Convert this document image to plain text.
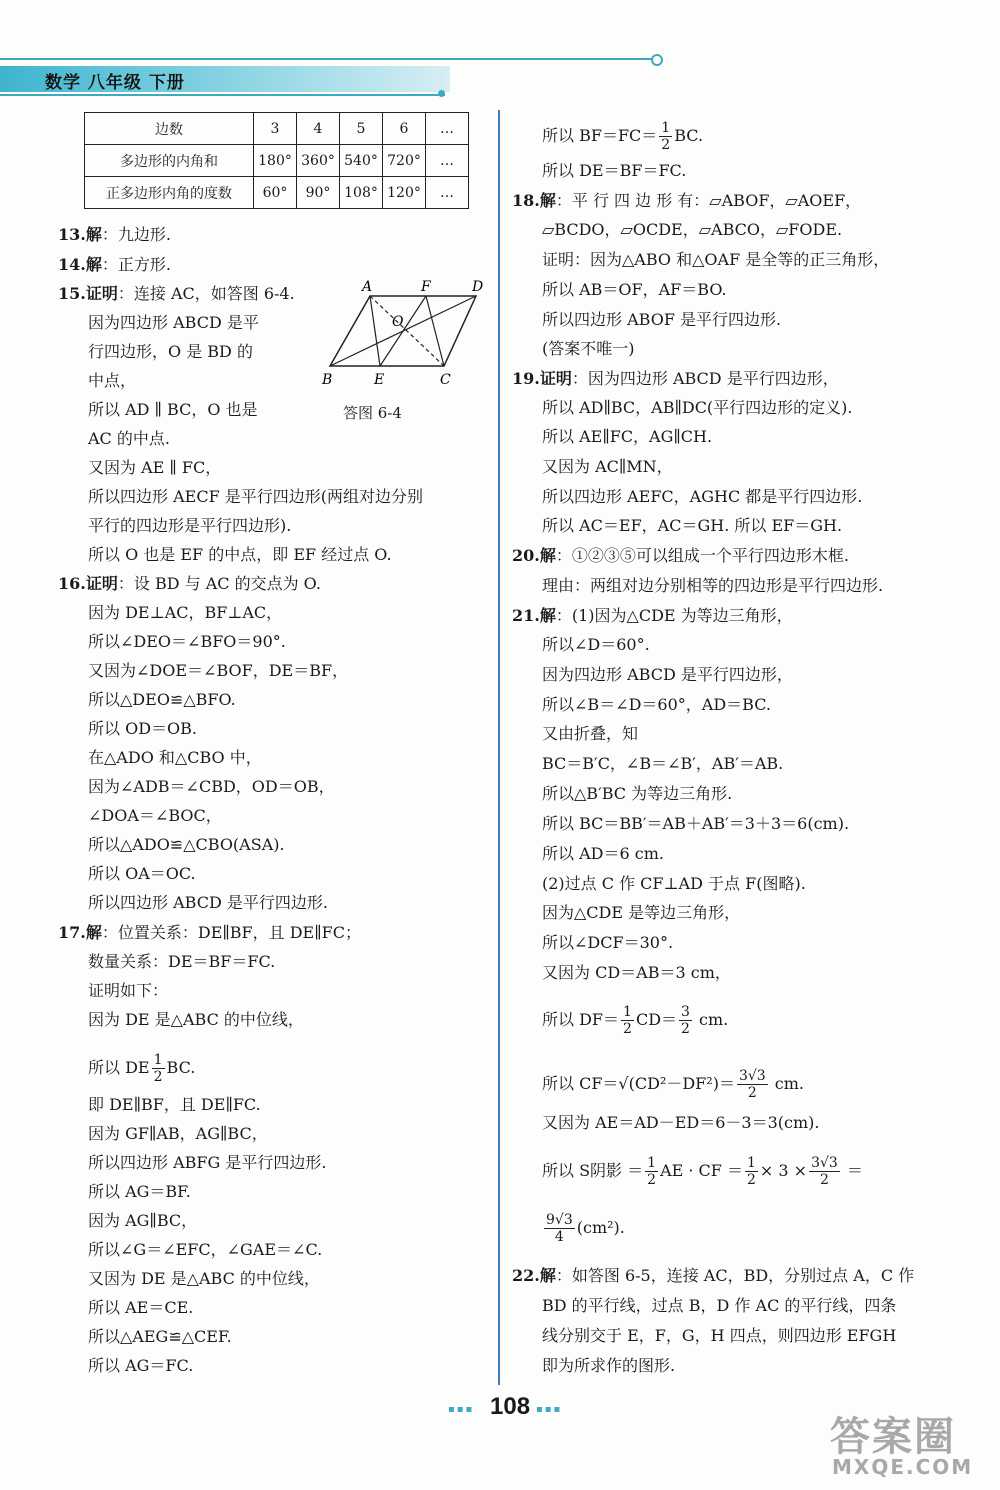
数学 八年级 下册
边数	3	4	5	6	…
多边形的内角和	180°	360°	540°	720°	…
正多边形内角的度数	60°	90°	108°	120°	…
A	F	D
O
B	E	C
答图 6-4
13.解：九边形.
14.解：正方形.
15.证明：连接 AC，如答图 6-4.
因为四边形 ABCD 是平
行四边形，O 是 BD 的
中点，
所以 AD ∥ BC，O 也是
AC 的中点.
又因为 AE ∥ FC，
所以四边形 AECF 是平行四边形(两组对边分别
平行的四边形是平行四边形).
所以 O 也是 EF 的中点，即 EF 经过点 O.
16.证明：设 BD 与 AC 的交点为 O.
因为 DE⊥AC，BF⊥AC，
所以∠DEO＝∠BFO＝90°.
又因为∠DOE＝∠BOF，DE＝BF，
所以△DEO≌△BFO.
所以 OD＝OB.
在△ADO 和△CBO 中，
因为∠ADB＝∠CBD，OD＝OB，
∠DOA＝∠BOC，
所以△ADO≌△CBO(ASA).
所以 OA＝OC.
所以四边形 ABCD 是平行四边形.
17.解：位置关系：DE∥BF，且 DE∥FC；
数量关系：DE＝BF＝FC.
证明如下：
因为 DE 是△ABC 的中位线，
所以 DE $\frac{1}{2}$ BC.
即 DE∥BF，且 DE∥FC.
因为 GF∥AB，AG∥BC，
所以四边形 ABFG 是平行四边形.
所以 AG＝BF.
因为 AG∥BC，
所以∠G＝∠EFC，∠GAE＝∠C.
又因为 DE 是△ABC 的中位线，
所以 AE＝CE.
所以△AEG≌△CEF.
所以 AG＝FC.
所以 $BF=FC= \frac{1}{2}$ BC.
所以 DE＝BF＝FC.
18.解：平 行 四 边 形 有：▱ABOF，▱AOEF，
▱BCDO，▱OCDE，▱ABCO，▱FODE.
证明：因为△ABO 和△OAF 是全等的正三角形，
所以 AB＝OF，AF＝BO.
所以四边形 ABOF 是平行四边形.
(答案不唯一)
19.证明：因为四边形 ABCD 是平行四边形，
所以 AD∥BC，AB∥DC(平行四边形的定义).
所以 AE∥FC，AG∥CH.
又因为 AC∥MN，
所以四边形 AEFC，AGHC 都是平行四边形.
所以 AC＝EF，AC＝GH. 所以 EF＝GH.
20.解：①②③⑤可以组成一个平行四边形木框.
理由：两组对边分别相等的四边形是平行四边形.
21.解：(1)因为△CDE 为等边三角形，
所以∠D＝60°.
因为四边形 ABCD 是平行四边形，
所以∠B＝∠D＝60°，AD＝BC.
又由折叠，知
BC＝B′C，∠B＝∠B′，AB′＝AB.
所以△B′BC 为等边三角形.
所以 BC＝BB′＝AB＋AB′＝3＋3＝6(cm).
所以 AD＝6 cm.
(2)过点 C 作 CF⊥AD 于点 F(图略).
因为△CDE 是等边三角形，
所以∠DCF＝30°.
又因为 CD＝AB＝3 cm，
所以 $DF= \frac{1}{2} CD= \frac{3}{2}$ cm.
所以 $CF=√(CD^2-DF^2)= \frac{3√3}{2}$ cm.
又因为 AE＝AD－ED＝6－3＝3(cm).
所以 S阴影 ＝ $\frac{1}{2}$ AE · CF ＝ $\frac{1}{2} \times 3 \times \frac{3√3}{2}$ ＝
$\frac{9√3}{4} (cm^2)$.
22.解：如答图 6-5，连接 AC，BD，分别过点 A，C 作
BD 的平行线，过点 B，D 作 AC 的平行线，四条
线分别交于 E，F，G，H 四点，则四边形 EFGH
即为所求作的图形.
▪▪▪ 108 ▪▪▪
答案圈
MXQE.COM
